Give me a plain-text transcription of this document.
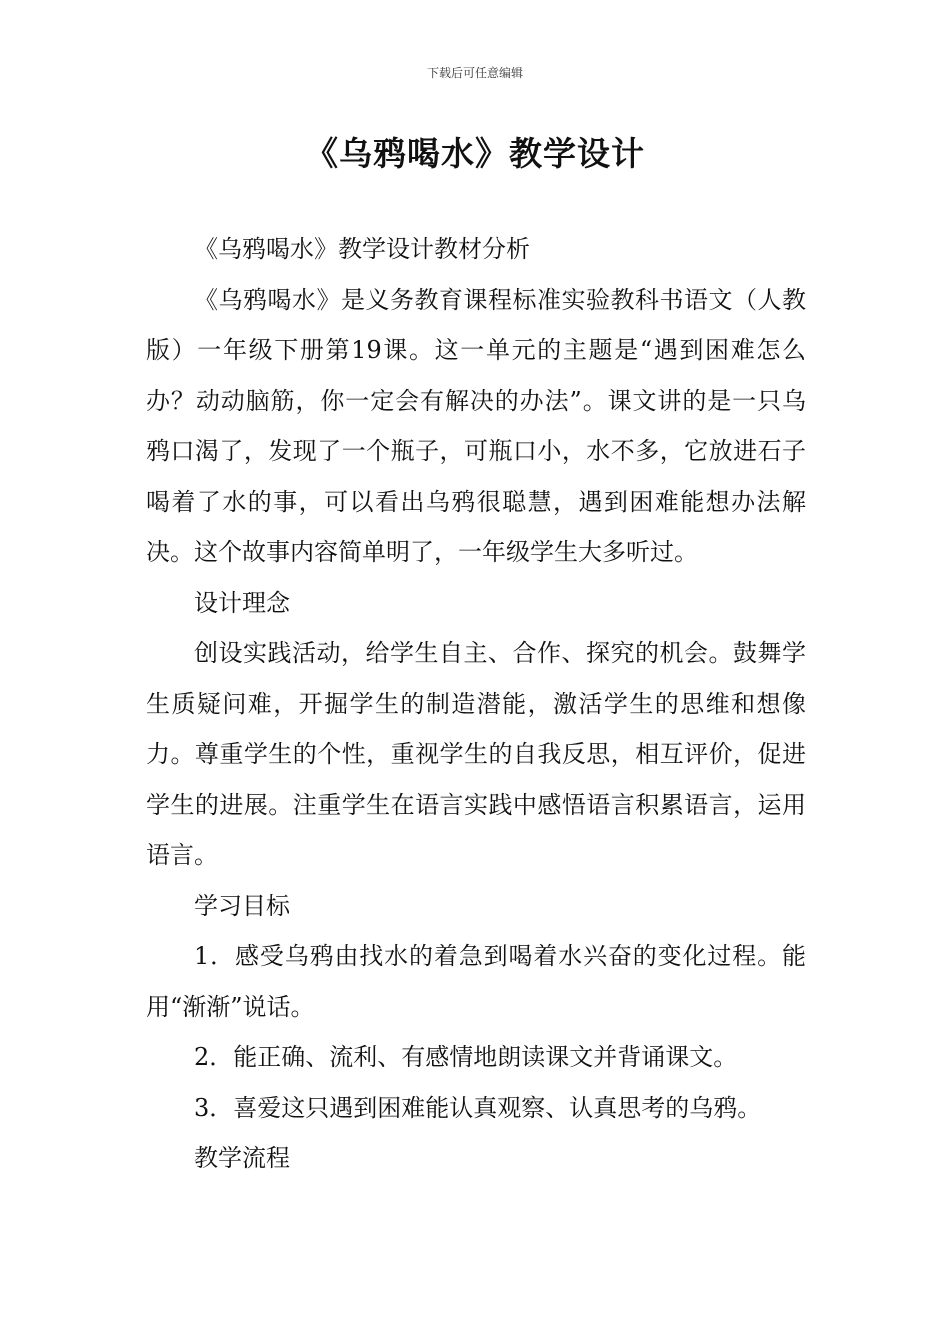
下载后可任意编辑
《乌鸦喝水》教学设计

《乌鸦喝水》教学设计教材分析

《乌鸦喝水》是义务教育课程标准实验教科书语文（人教版）一年级下册第19课。这一单元的主题是“遇到困难怎么办？动动脑筋，你一定会有解决的办法”。课文讲的是一只乌鸦口渴了，发现了一个瓶子，可瓶口小，水不多，它放进石子喝着了水的事，可以看出乌鸦很聪慧，遇到困难能想办法解决。这个故事内容简单明了，一年级学生大多听过。

设计理念

创设实践活动，给学生自主、合作、探究的机会。鼓舞学生质疑问难，开掘学生的制造潜能，激活学生的思维和想像力。尊重学生的个性，重视学生的自我反思，相互评价，促进学生的进展。注重学生在语言实践中感悟语言积累语言，运用语言。

学习目标

1．感受乌鸦由找水的着急到喝着水兴奋的变化过程。能用“渐渐”说话。

2．能正确、流利、有感情地朗读课文并背诵课文。

3．喜爱这只遇到困难能认真观察、认真思考的乌鸦。

教学流程
